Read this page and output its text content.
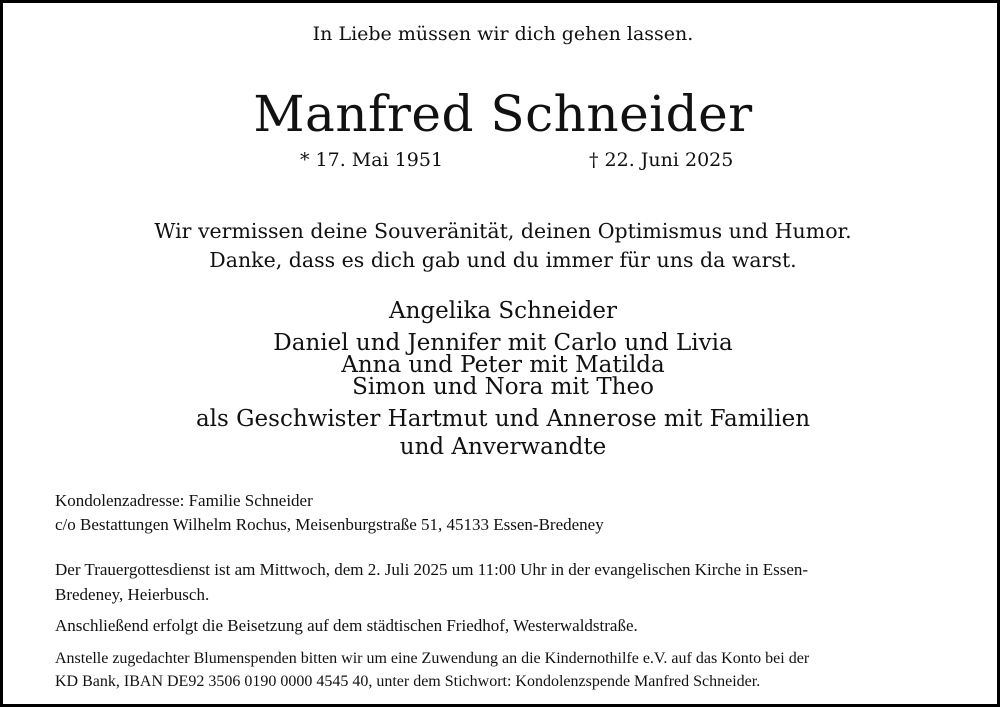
In Liebe müssen wir dich gehen lassen.
Manfred Schneider
* 17. Mai 1951	† 22. Juni 2025
Wir vermissen deine Souveränität, deinen Optimismus und Humor.
Danke, dass es dich gab und du immer für uns da warst.
Angelika Schneider
Daniel und Jennifer mit Carlo und Livia
Anna und Peter mit Matilda
Simon und Nora mit Theo
als Geschwister Hartmut und Annerose mit Familien
und Anverwandte
Kondolenzadresse: Familie Schneider
c/o Bestattungen Wilhelm Rochus, Meisenburgstraße 51, 45133 Essen-Bredeney
Der Trauergottesdienst ist am Mittwoch, dem 2. Juli 2025 um 11:00 Uhr in der evangelischen Kirche in Essen-
Bredeney, Heierbusch.
Anschließend erfolgt die Beisetzung auf dem städtischen Friedhof, Westerwaldstraße.
Anstelle zugedachter Blumenspenden bitten wir um eine Zuwendung an die Kindernothilfe e.V. auf das Konto bei der
KD Bank, IBAN DE92 3506 0190 0000 4545 40, unter dem Stichwort: Kondolenzspende Manfred Schneider.
